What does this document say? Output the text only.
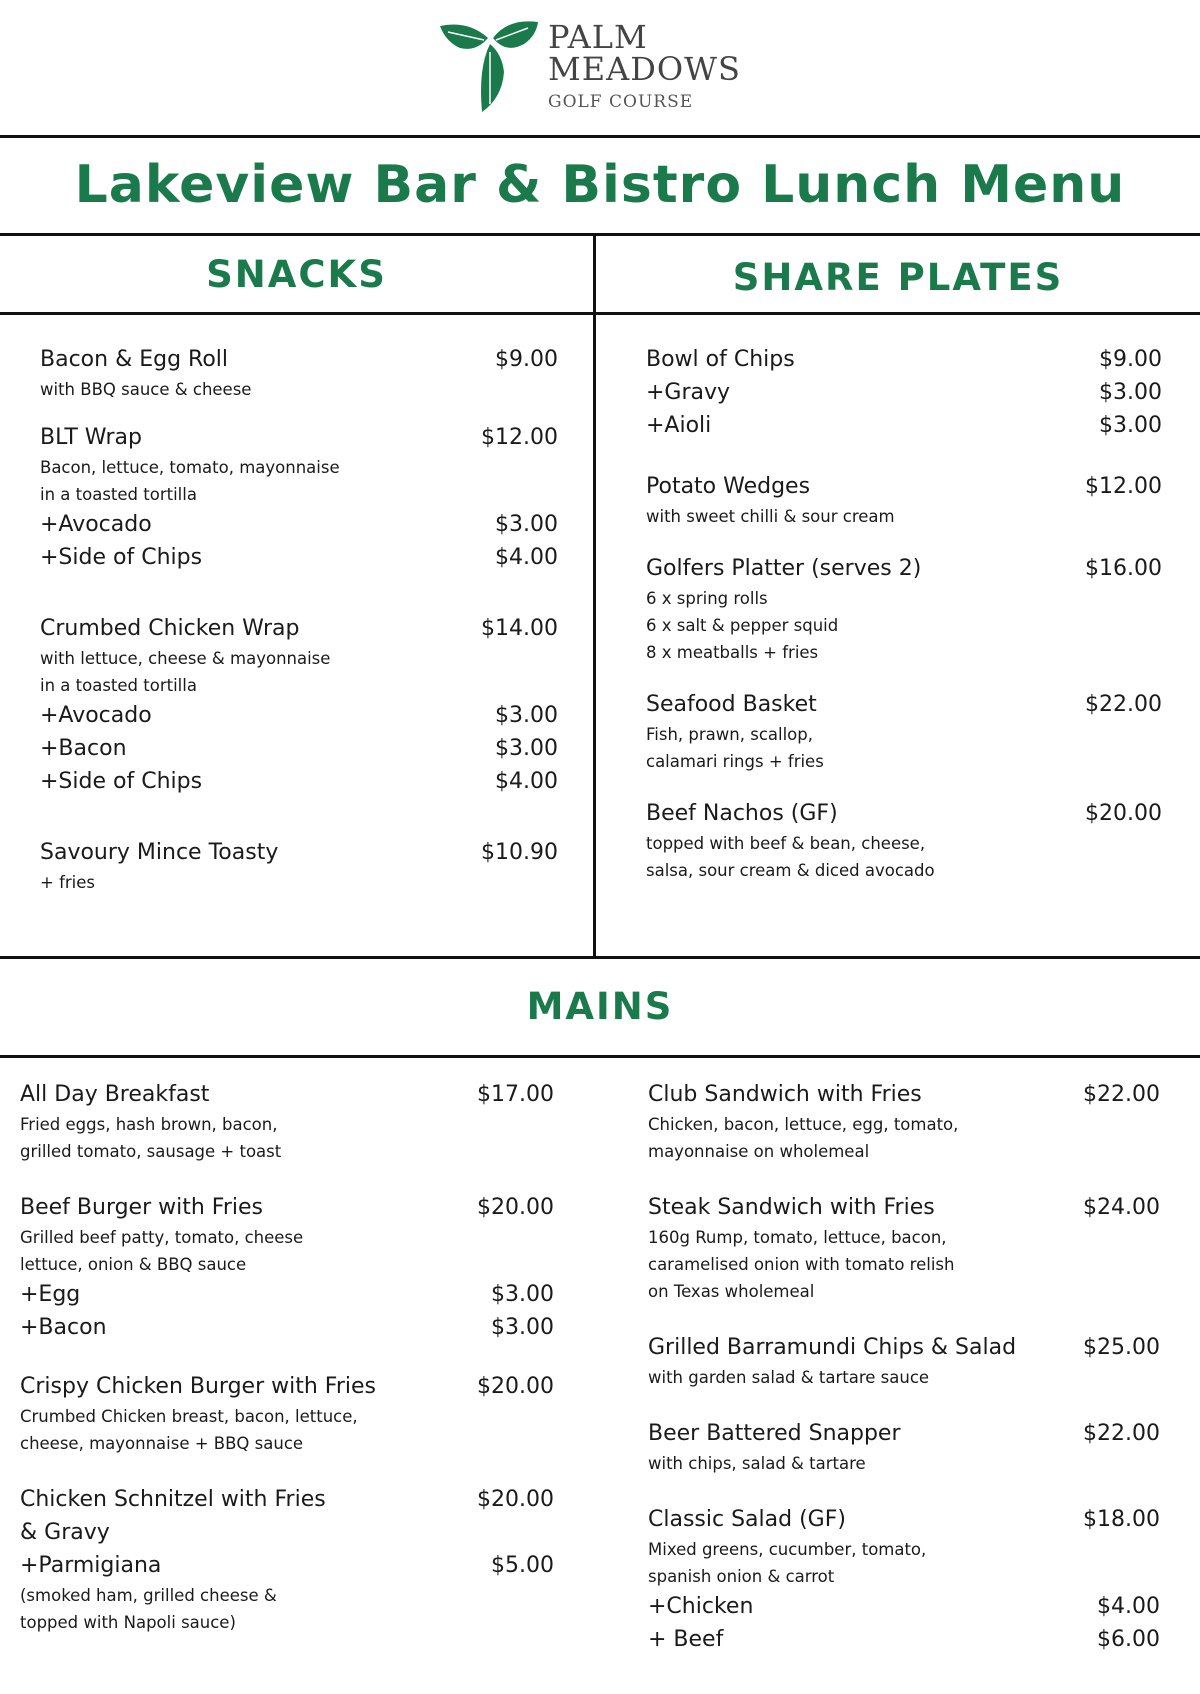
PALM
MEADOWS
GOLF COURSE
Lakeview Bar & Bistro Lunch Menu
SNACKS	SHARE PLATES
MAINS
Bacon & Egg Roll	$9.00
with BBQ sauce & cheese
BLT Wrap	$12.00
Bacon, lettuce, tomato, mayonnaise
in a toasted tortilla
+Avocado	$3.00
+Side of Chips	$4.00
Crumbed Chicken Wrap	$14.00
with lettuce, cheese & mayonnaise
in a toasted tortilla
+Avocado	$3.00
+Bacon	$3.00
+Side of Chips	$4.00
Savoury Mince Toasty	$10.90
+ fries
Bowl of Chips	$9.00
+Gravy	$3.00
+Aioli	$3.00
Potato Wedges	$12.00
with sweet chilli & sour cream
Golfers Platter (serves 2)	$16.00
6 x spring rolls
6 x salt & pepper squid
8 x meatballs + fries
Seafood Basket	$22.00
Fish, prawn, scallop,
calamari rings + fries
Beef Nachos (GF)	$20.00
topped with beef & bean, cheese,
salsa, sour cream & diced avocado
All Day Breakfast	$17.00
Fried eggs, hash brown, bacon,
grilled tomato, sausage + toast
Beef Burger with Fries	$20.00
Grilled beef patty, tomato, cheese
lettuce, onion & BBQ sauce
+Egg	$3.00
+Bacon	$3.00
Crispy Chicken Burger with Fries	$20.00
Crumbed Chicken breast, bacon, lettuce,
cheese, mayonnaise + BBQ sauce
Chicken Schnitzel with Fries	$20.00
& Gravy
+Parmigiana	$5.00
(smoked ham, grilled cheese &
topped with Napoli sauce)
Club Sandwich with Fries	$22.00
Chicken, bacon, lettuce, egg, tomato,
mayonnaise on wholemeal
Steak Sandwich with Fries	$24.00
160g Rump, tomato, lettuce, bacon,
caramelised onion with tomato relish
on Texas wholemeal
Grilled Barramundi Chips & Salad	$25.00
with garden salad & tartare sauce
Beer Battered Snapper	$22.00
with chips, salad & tartare
Classic Salad (GF)	$18.00
Mixed greens, cucumber, tomato,
spanish onion & carrot
+Chicken	$4.00
+ Beef	$6.00
